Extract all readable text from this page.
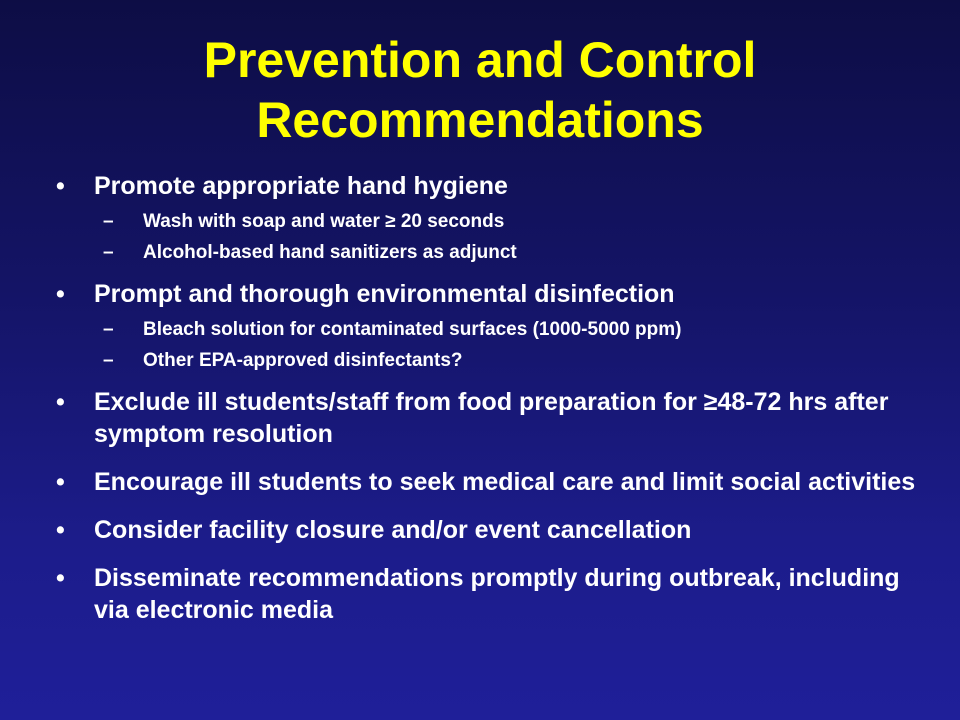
Prevention and Control
Recommendations
•	Promote appropriate hand hygiene
–	Wash with soap and water ≥ 20 seconds
–	Alcohol-based hand sanitizers as adjunct
•	Prompt and thorough environmental disinfection
–	Bleach solution for contaminated surfaces (1000-5000 ppm)
–	Other EPA-approved disinfectants?
•	Exclude ill students/staff from food preparation for ≥48-72 hrs after symptom resolution
•	Encourage ill students to seek medical care and limit social activities
•	Consider facility closure and/or event cancellation
•	Disseminate recommendations promptly during outbreak, including via electronic media
